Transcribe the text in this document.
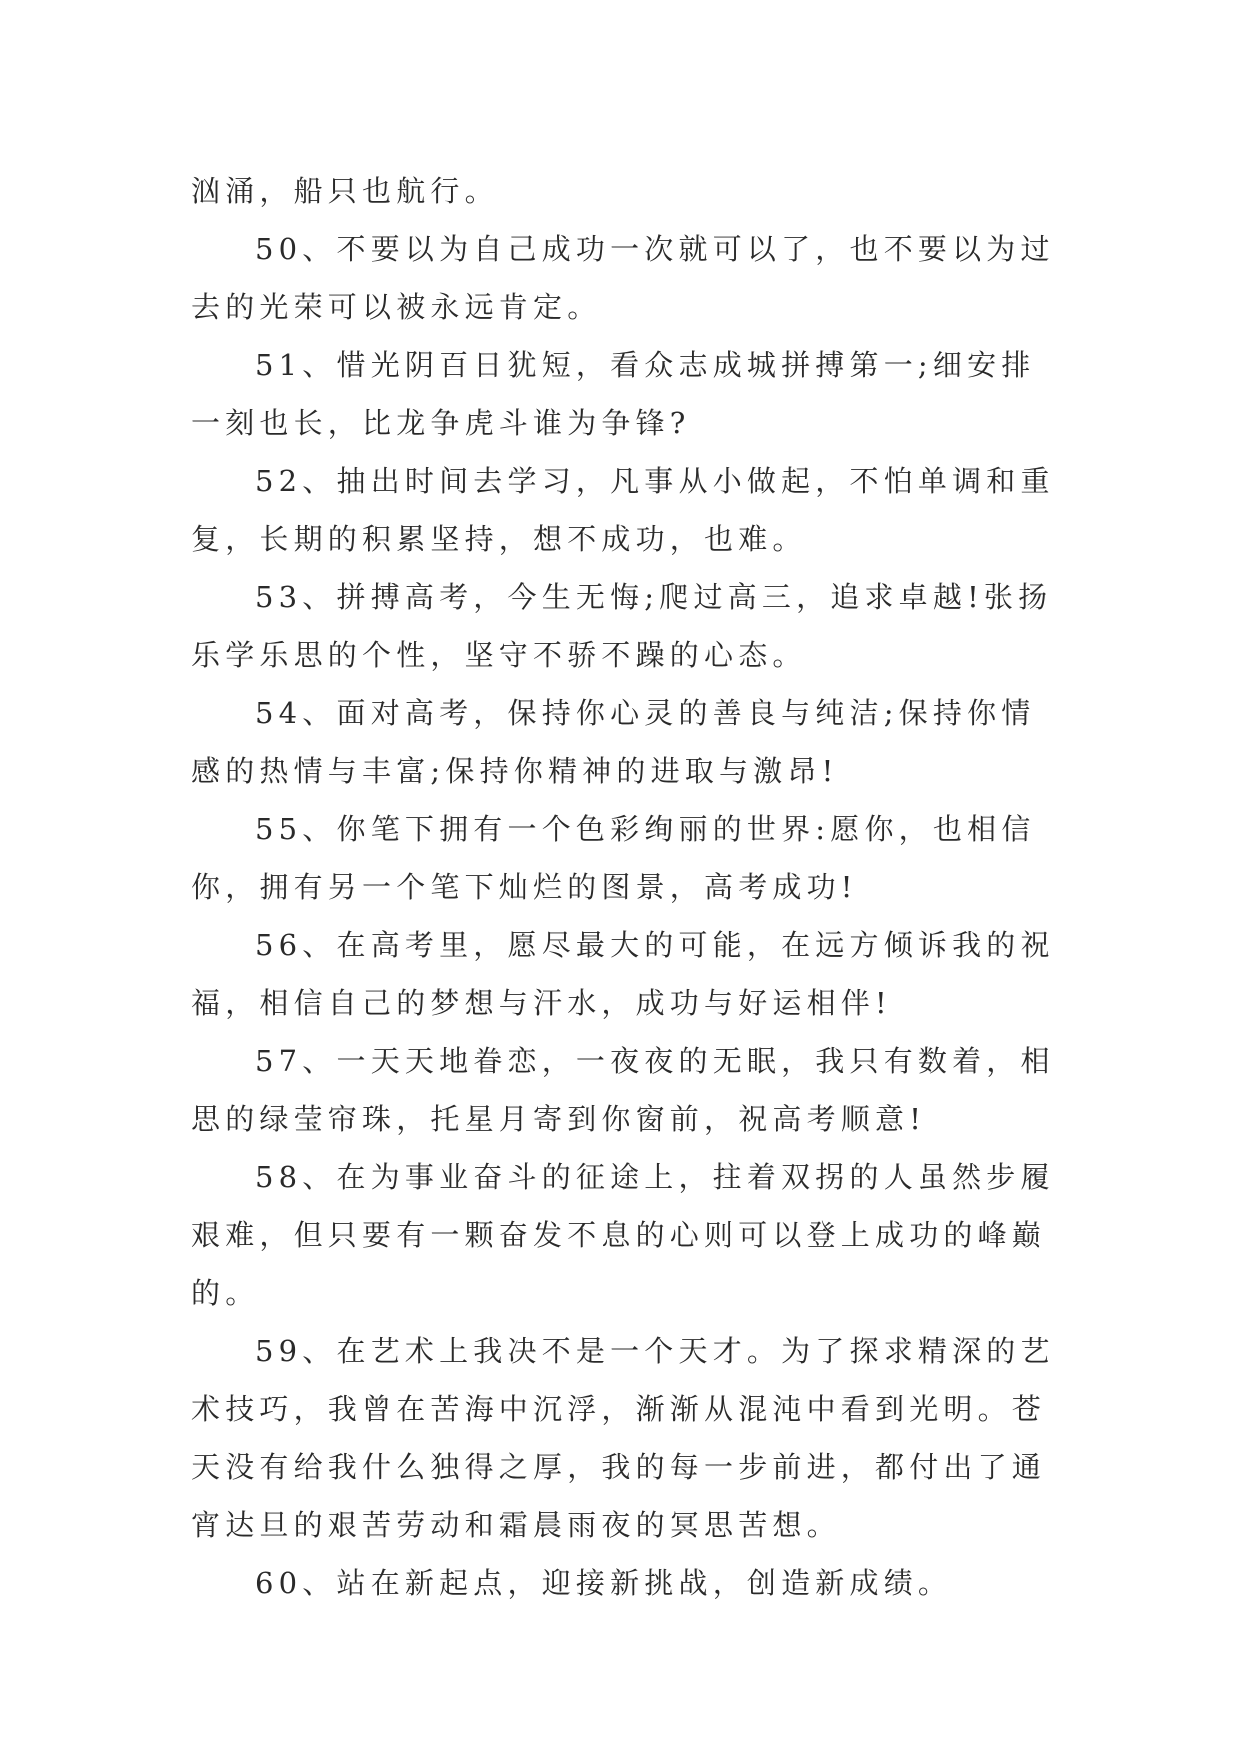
汹涌，船只也航行。

50、不要以为自己成功一次就可以了，也不要以为过去的光荣可以被永远肯定。

51、惜光阴百日犹短，看众志成城拼搏第一;细安排一刻也长，比龙争虎斗谁为争锋?

52、抽出时间去学习，凡事从小做起，不怕单调和重复，长期的积累坚持，想不成功，也难。

53、拼搏高考，今生无悔;爬过高三，追求卓越!张扬乐学乐思的个性，坚守不骄不躁的心态。

54、面对高考，保持你心灵的善良与纯洁;保持你情感的热情与丰富;保持你精神的进取与激昂!

55、你笔下拥有一个色彩绚丽的世界:愿你，也相信你，拥有另一个笔下灿烂的图景，高考成功!

56、在高考里，愿尽最大的可能，在远方倾诉我的祝福，相信自己的梦想与汗水，成功与好运相伴!

57、一天天地眷恋，一夜夜的无眠，我只有数着，相思的绿莹帘珠，托星月寄到你窗前，祝高考顺意!

58、在为事业奋斗的征途上，拄着双拐的人虽然步履艰难，但只要有一颗奋发不息的心则可以登上成功的峰巅的。

59、在艺术上我决不是一个天才。为了探求精深的艺术技巧，我曾在苦海中沉浮，渐渐从混沌中看到光明。苍天没有给我什么独得之厚，我的每一步前进，都付出了通宵达旦的艰苦劳动和霜晨雨夜的冥思苦想。

60、站在新起点，迎接新挑战，创造新成绩。
